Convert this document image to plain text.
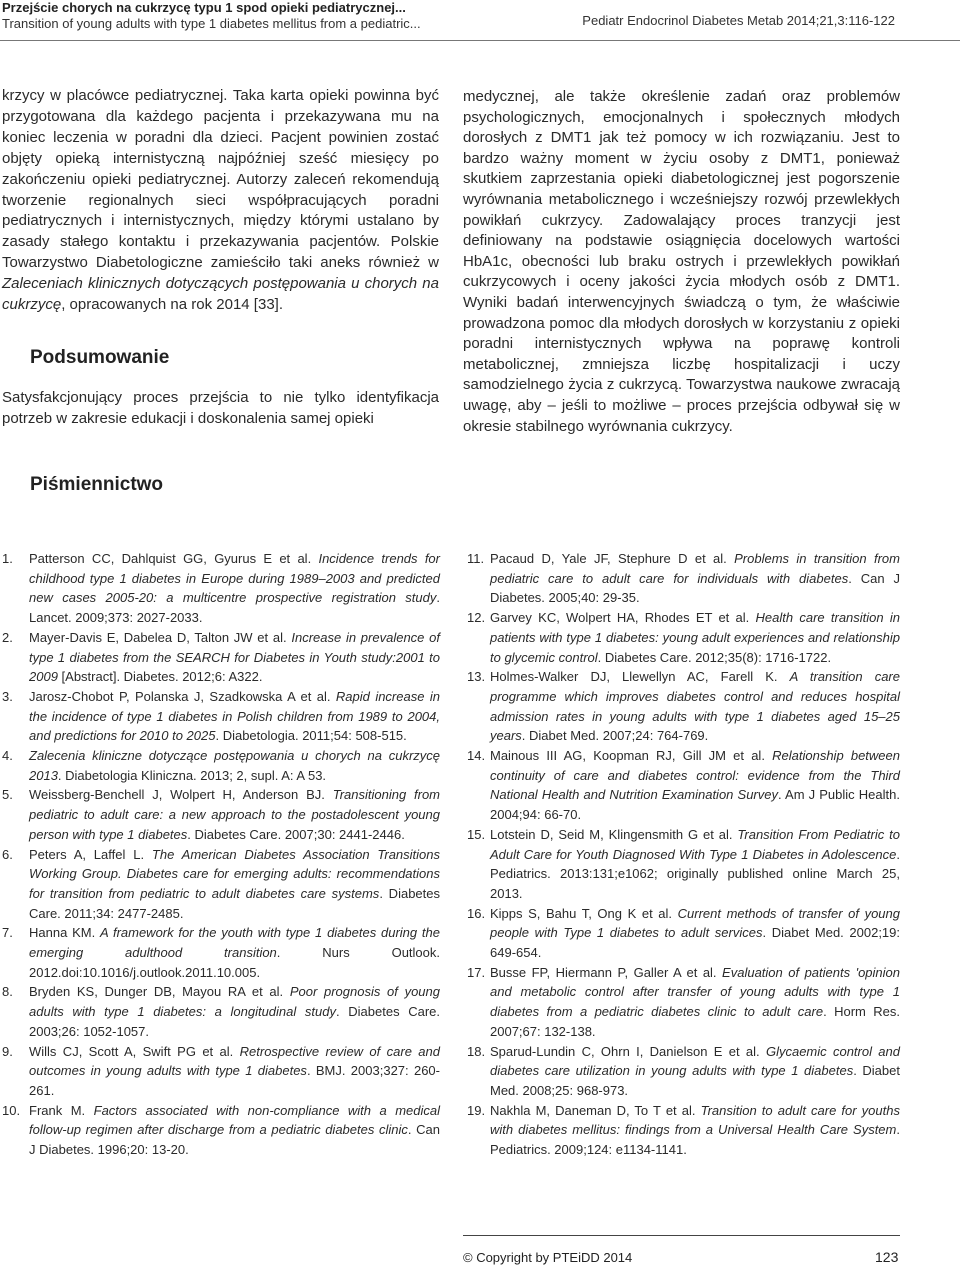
Przejście chorych na cukrzycę typu 1 spod opieki pediatrycznej...
Transition of young adults with type 1 diabetes mellitus from a pediatric...	Pediatr Endocrinol Diabetes Metab 2014;21,3:116-122

krzycy w placówce pediatrycznej. Taka karta opieki powinna być przygotowana dla każdego pacjenta i przekazywana mu na koniec leczenia w poradni dla dzieci. Pacjent powinien zostać objęty opieką internistyczną najpóźniej sześć miesięcy po zakończeniu opieki pediatrycznej. Autorzy zaleceń rekomendują tworzenie regionalnych sieci współpracujących poradni pediatrycznych i internistycznych, między którymi ustalano by zasady stałego kontaktu i przekazywania pacjentów. Polskie Towarzystwo Diabetologiczne zamieściło taki aneks również w Zaleceniach klinicznych dotyczących postępowania u chorych na cukrzycę, opracowanych na rok 2014 [33].

Podsumowanie

Satysfakcjonujący proces przejścia to nie tylko identyfikacja potrzeb w zakresie edukacji i doskonalenia samej opieki

medycznej, ale także określenie zadań oraz problemów psychologicznych, emocjonalnych i społecznych młodych dorosłych z DMT1 jak też pomocy w ich rozwiązaniu. Jest to bardzo ważny moment w życiu osoby z DMT1, ponieważ skutkiem zaprzestania opieki diabetologicznej jest pogorszenie wyrównania metabolicznego i wcześniejszy rozwój przewlekłych powikłań cukrzycy. Zadowalający proces tranzycji jest definiowany na podstawie osiągnięcia docelowych wartości HbA1c, obecności lub braku ostrych i przewlekłych powikłań cukrzycowych i oceny jakości życia młodych osób z DMT1. Wyniki badań interwencyjnych świadczą o tym, że właściwie prowadzona pomoc dla młodych dorosłych w korzystaniu z opieki poradni internistycznych wpływa na poprawę kontroli metabolicznej, zmniejsza liczbę hospitalizacji i uczy samodzielnego życia z cukrzycą. Towarzystwa naukowe zwracają uwagę, aby – jeśli to możliwe – proces przejścia odbywał się w okresie stabilnego wyrównania cukrzycy.

Piśmiennictwo
1. Patterson CC, Dahlquist GG, Gyurus E et al. Incidence trends for childhood type 1 diabetes in Europe during 1989–2003 and predicted new cases 2005-20: a multicentre prospective registration study. Lancet. 2009;373: 2027-2033.
2. Mayer-Davis E, Dabelea D, Talton JW et al. Increase in prevalence of type 1 diabetes from the SEARCH for Diabetes in Youth study:2001 to 2009 [Abstract]. Diabetes. 2012;6: A322.
3. Jarosz-Chobot P, Polanska J, Szadkowska A et al. Rapid increase in the incidence of type 1 diabetes in Polish children from 1989 to 2004, and predictions for 2010 to 2025. Diabetologia. 2011;54: 508-515.
4. Zalecenia kliniczne dotyczące postępowania u chorych na cukrzycę 2013. Diabetologia Kliniczna. 2013; 2, supl. A: A 53.
5. Weissberg-Benchell J, Wolpert H, Anderson BJ. Transitioning from pediatric to adult care: a new approach to the postadolescent young person with type 1 diabetes. Diabetes Care. 2007;30: 2441-2446.
6. Peters A, Laffel L. The American Diabetes Association Transitions Working Group. Diabetes care for emerging adults: recommendations for transition from pediatric to adult diabetes care systems. Diabetes Care. 2011;34: 2477-2485.
7. Hanna KM. A framework for the youth with type 1 diabetes during the emerging adulthood transition. Nurs Outlook. 2012.doi:10.1016/j.outlook.2011.10.005.
8. Bryden KS, Dunger DB, Mayou RA et al. Poor prognosis of young adults with type 1 diabetes: a longitudinal study. Diabetes Care. 2003;26: 1052-1057.
9. Wills CJ, Scott A, Swift PG et al. Retrospective review of care and outcomes in young adults with type 1 diabetes. BMJ. 2003;327: 260-261.
10. Frank M. Factors associated with non-compliance with a medical follow-up regimen after discharge from a pediatric diabetes clinic. Can J Diabetes. 1996;20: 13-20.
11. Pacaud D, Yale JF, Stephure D et al. Problems in transition from pediatric care to adult care for individuals with diabetes. Can J Diabetes. 2005;40: 29-35.
12. Garvey KC, Wolpert HA, Rhodes ET et al. Health care transition in patients with type 1 diabetes: young adult experiences and relationship to glycemic control. Diabetes Care. 2012;35(8): 1716-1722.
13. Holmes-Walker DJ, Llewellyn AC, Farell K. A transition care programme which improves diabetes control and reduces hospital admission rates in young adults with type 1 diabetes aged 15–25 years. Diabet Med. 2007;24: 764-769.
14. Mainous III AG, Koopman RJ, Gill JM et al. Relationship between continuity of care and diabetes control: evidence from the Third National Health and Nutrition Examination Survey. Am J Public Health. 2004;94: 66-70.
15. Lotstein D, Seid M, Klingensmith G et al. Transition From Pediatric to Adult Care for Youth Diagnosed With Type 1 Diabetes in Adolescence. Pediatrics. 2013:131;e1062; originally published online March 25, 2013.
16. Kipps S, Bahu T, Ong K et al. Current methods of transfer of young people with Type 1 diabetes to adult services. Diabet Med. 2002;19: 649-654.
17. Busse FP, Hiermann P, Galler A et al. Evaluation of patients 'opinion and metabolic control after transfer of young adults with type 1 diabetes from a pediatric diabetes clinic to adult care. Horm Res. 2007;67: 132-138.
18. Sparud-Lundin C, Ohrn I, Danielson E et al. Glycaemic control and diabetes care utilization in young adults with type 1 diabetes. Diabet Med. 2008;25: 968-973.
19. Nakhla M, Daneman D, To T et al. Transition to adult care for youths with diabetes mellitus: findings from a Universal Health Care System. Pediatrics. 2009;124: e1134-1141.
© Copyright by PTEiDD 2014	123
